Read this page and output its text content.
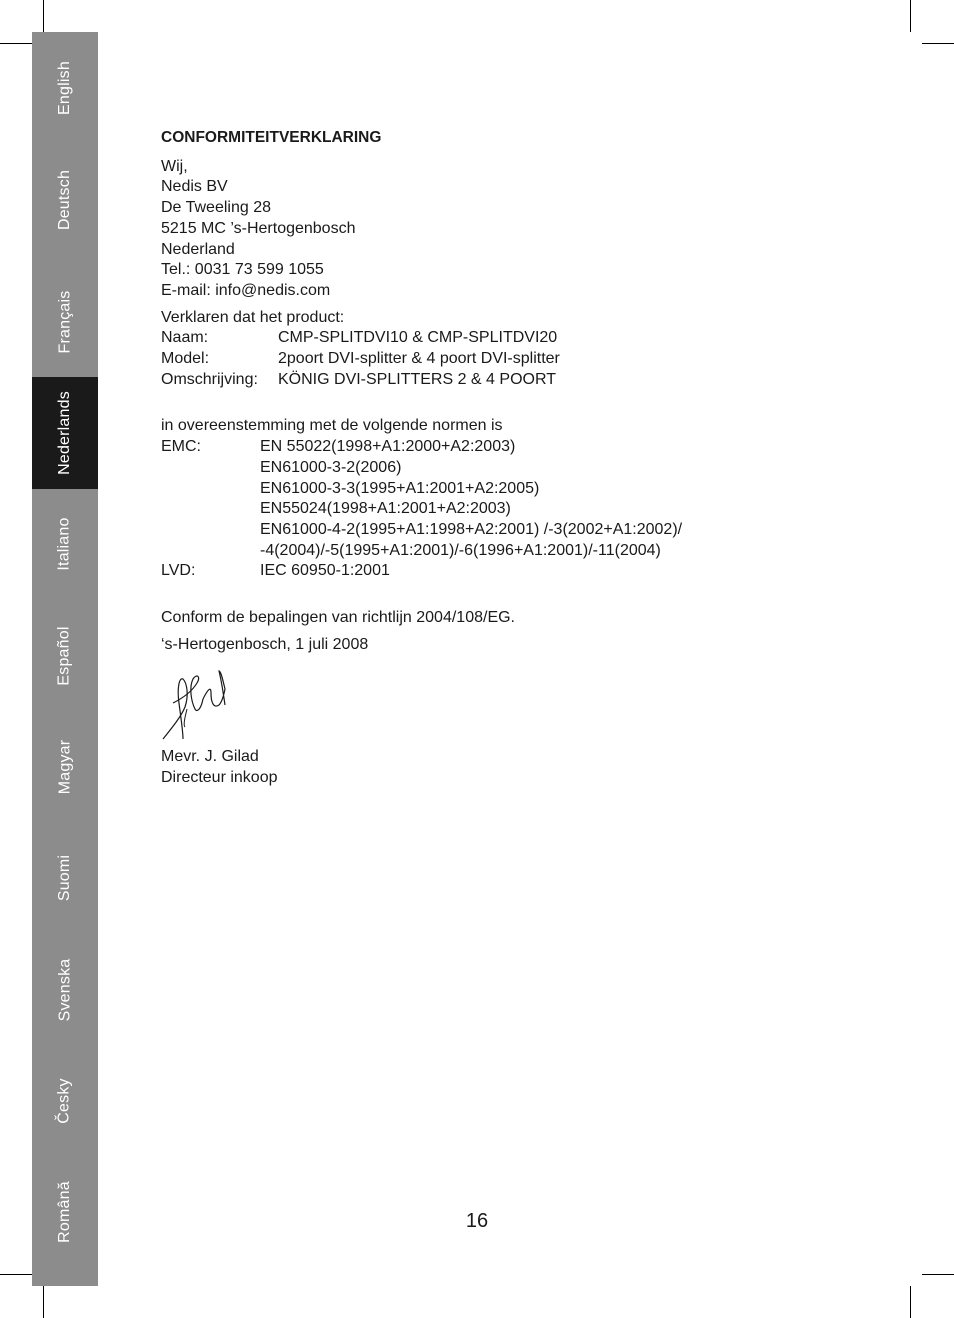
English
Deutsch
Français
Nederlands
Italiano
Español
Magyar
Suomi
Svenska
Česky
Română
CONFORMITEITVERKLARING
Wij,
Nedis BV
De Tweeling 28
5215 MC ’s-Hertogenbosch
Nederland
Tel.: 0031 73 599 1055
E-mail: info@nedis.com
Verklaren dat het product:
Naam:	CMP-SPLITDVI10 & CMP-SPLITDVI20
Model:	2poort DVI-splitter & 4 poort DVI-splitter
Omschrijving:	KÖNIG DVI-SPLITTERS 2 & 4 POORT
in overeenstemming met de volgende normen is
EMC:	EN 55022(1998+A1:2000+A2:2003)
EN61000-3-2(2006)
EN61000-3-3(1995+A1:2001+A2:2005)
EN55024(1998+A1:2001+A2:2003)
EN61000-4-2(1995+A1:1998+A2:2001) /-3(2002+A1:2002)/
-4(2004)/-5(1995+A1:2001)/-6(1996+A1:2001)/-11(2004)
LVD:	IEC 60950-1:2001
Conform de bepalingen van richtlijn 2004/108/EG.
‘s-Hertogenbosch, 1 juli 2008
Mevr. J. Gilad
Directeur inkoop
16
